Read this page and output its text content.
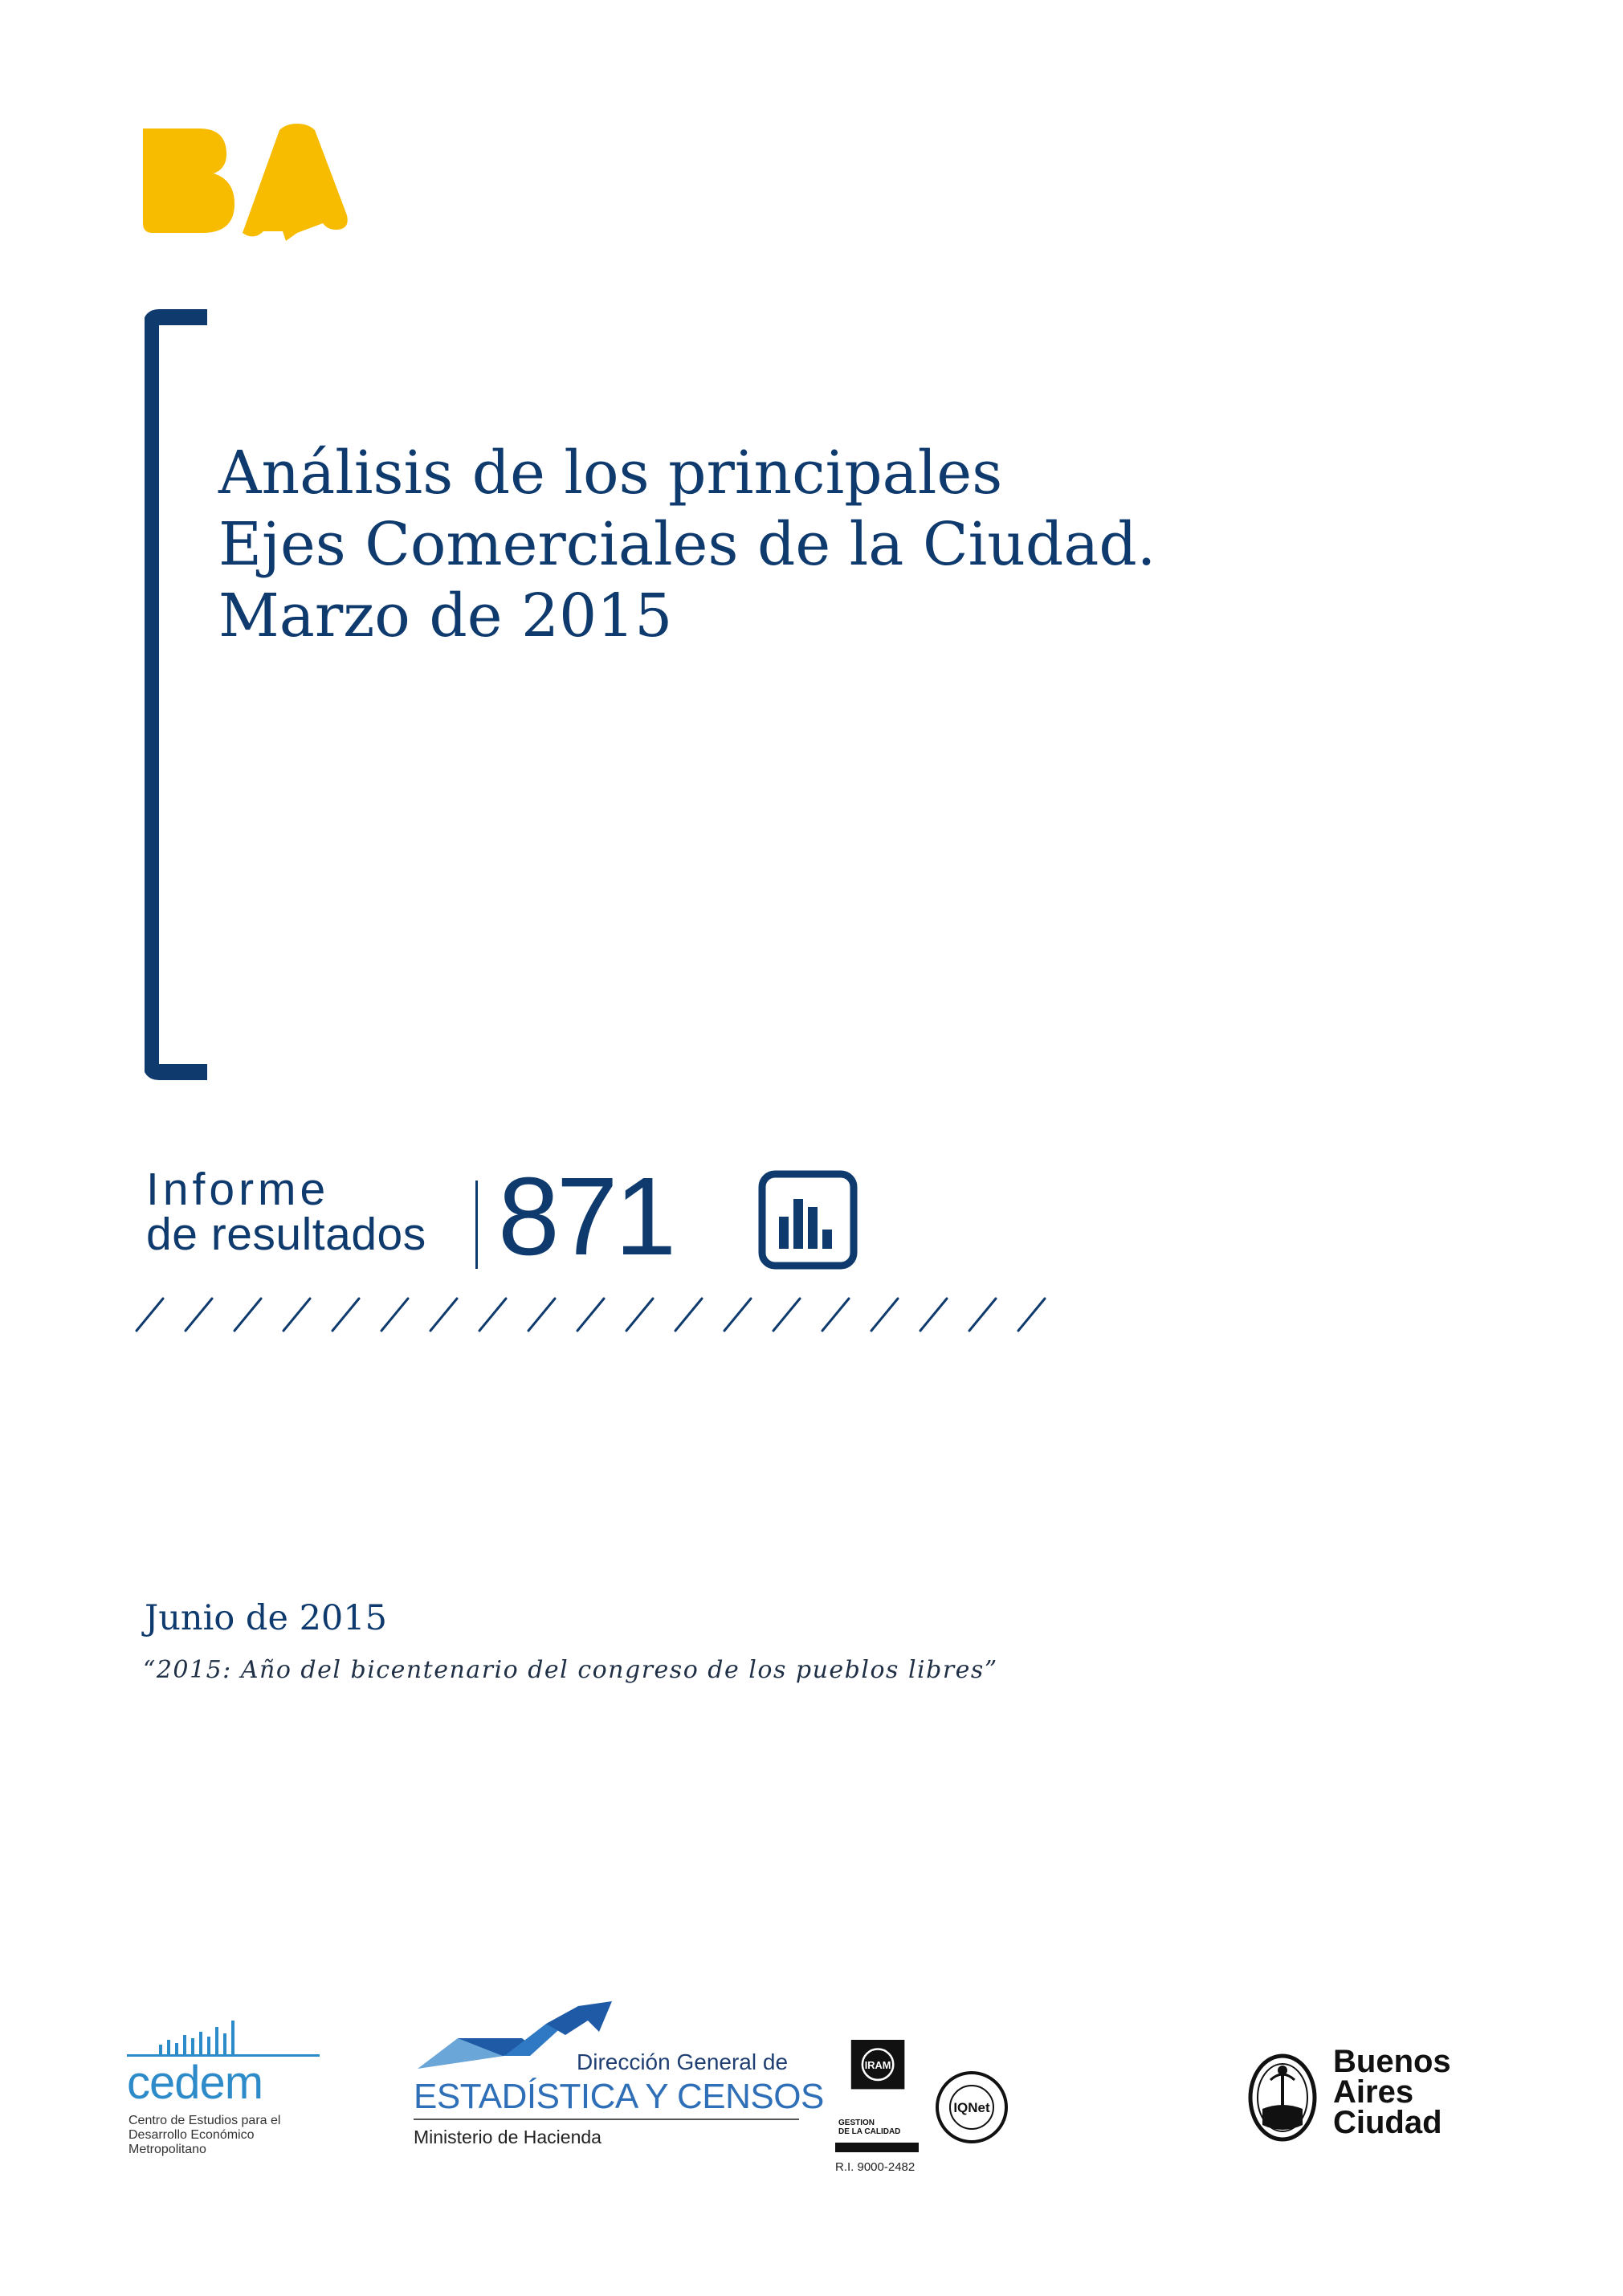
Análisis de los principales
Ejes Comerciales de la Ciudad.
Marzo de 2015
Informe
de resultados 871
Junio de 2015
“2015: Año del bicentenario del congreso de los pueblos libres”
cedem
Centro de Estudios para el
Desarrollo Económico
Metropolitano
Dirección General de
ESTADÍSTICA Y CENSOS
Ministerio de Hacienda
IRAM
GESTION
DE LA CALIDAD
R.I. 9000-2482
IQNet
Buenos
Aires
Ciudad
